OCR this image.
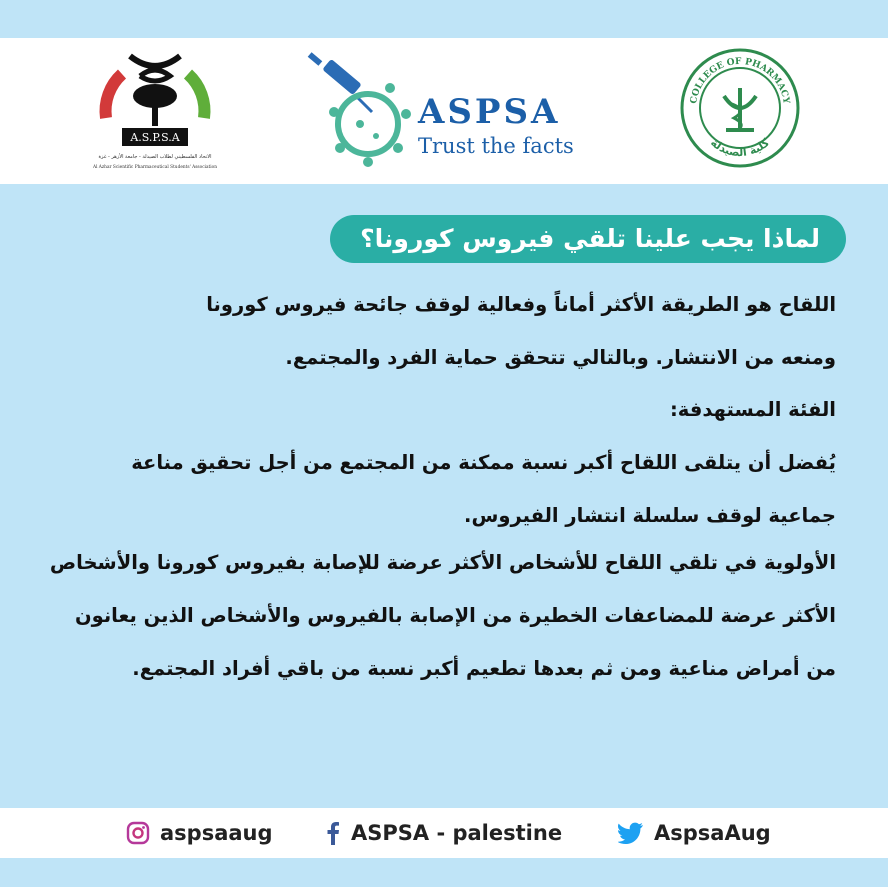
A.S.P.S.A
الاتحاد الفلسطيني لطلاب الصيدلة - جامعة الأزهر - غزة
Al Azhar Scientific Pharmaceutical Students' Association
ASPSA
Trust the facts
COLLEGE OF PHARMACY
كلية الصيدلة
لماذا يجب علينا تلقي فيروس كورونا؟
اللقاح هو الطريقة الأكثر أماناً وفعالية لوقف جائحة فيروس كورونا
ومنعه من الانتشار. وبالتالي تتحقق حماية الفرد والمجتمع.
الفئة المستهدفة:
يُفضل أن يتلقى اللقاح أكبر نسبة ممكنة من المجتمع من أجل تحقيق مناعة
جماعية لوقف سلسلة انتشار الفيروس.
الأولوية في تلقي اللقاح للأشخاص الأكثر عرضة للإصابة بفيروس كورونا والأشخاص
الأكثر عرضة للمضاعفات الخطيرة من الإصابة بالفيروس والأشخاص الذين يعانون
من أمراض مناعية ومن ثم بعدها تطعيم أكبر نسبة من باقي أفراد المجتمع.
aspsaaug	ASPSA - palestine	AspsaAug
